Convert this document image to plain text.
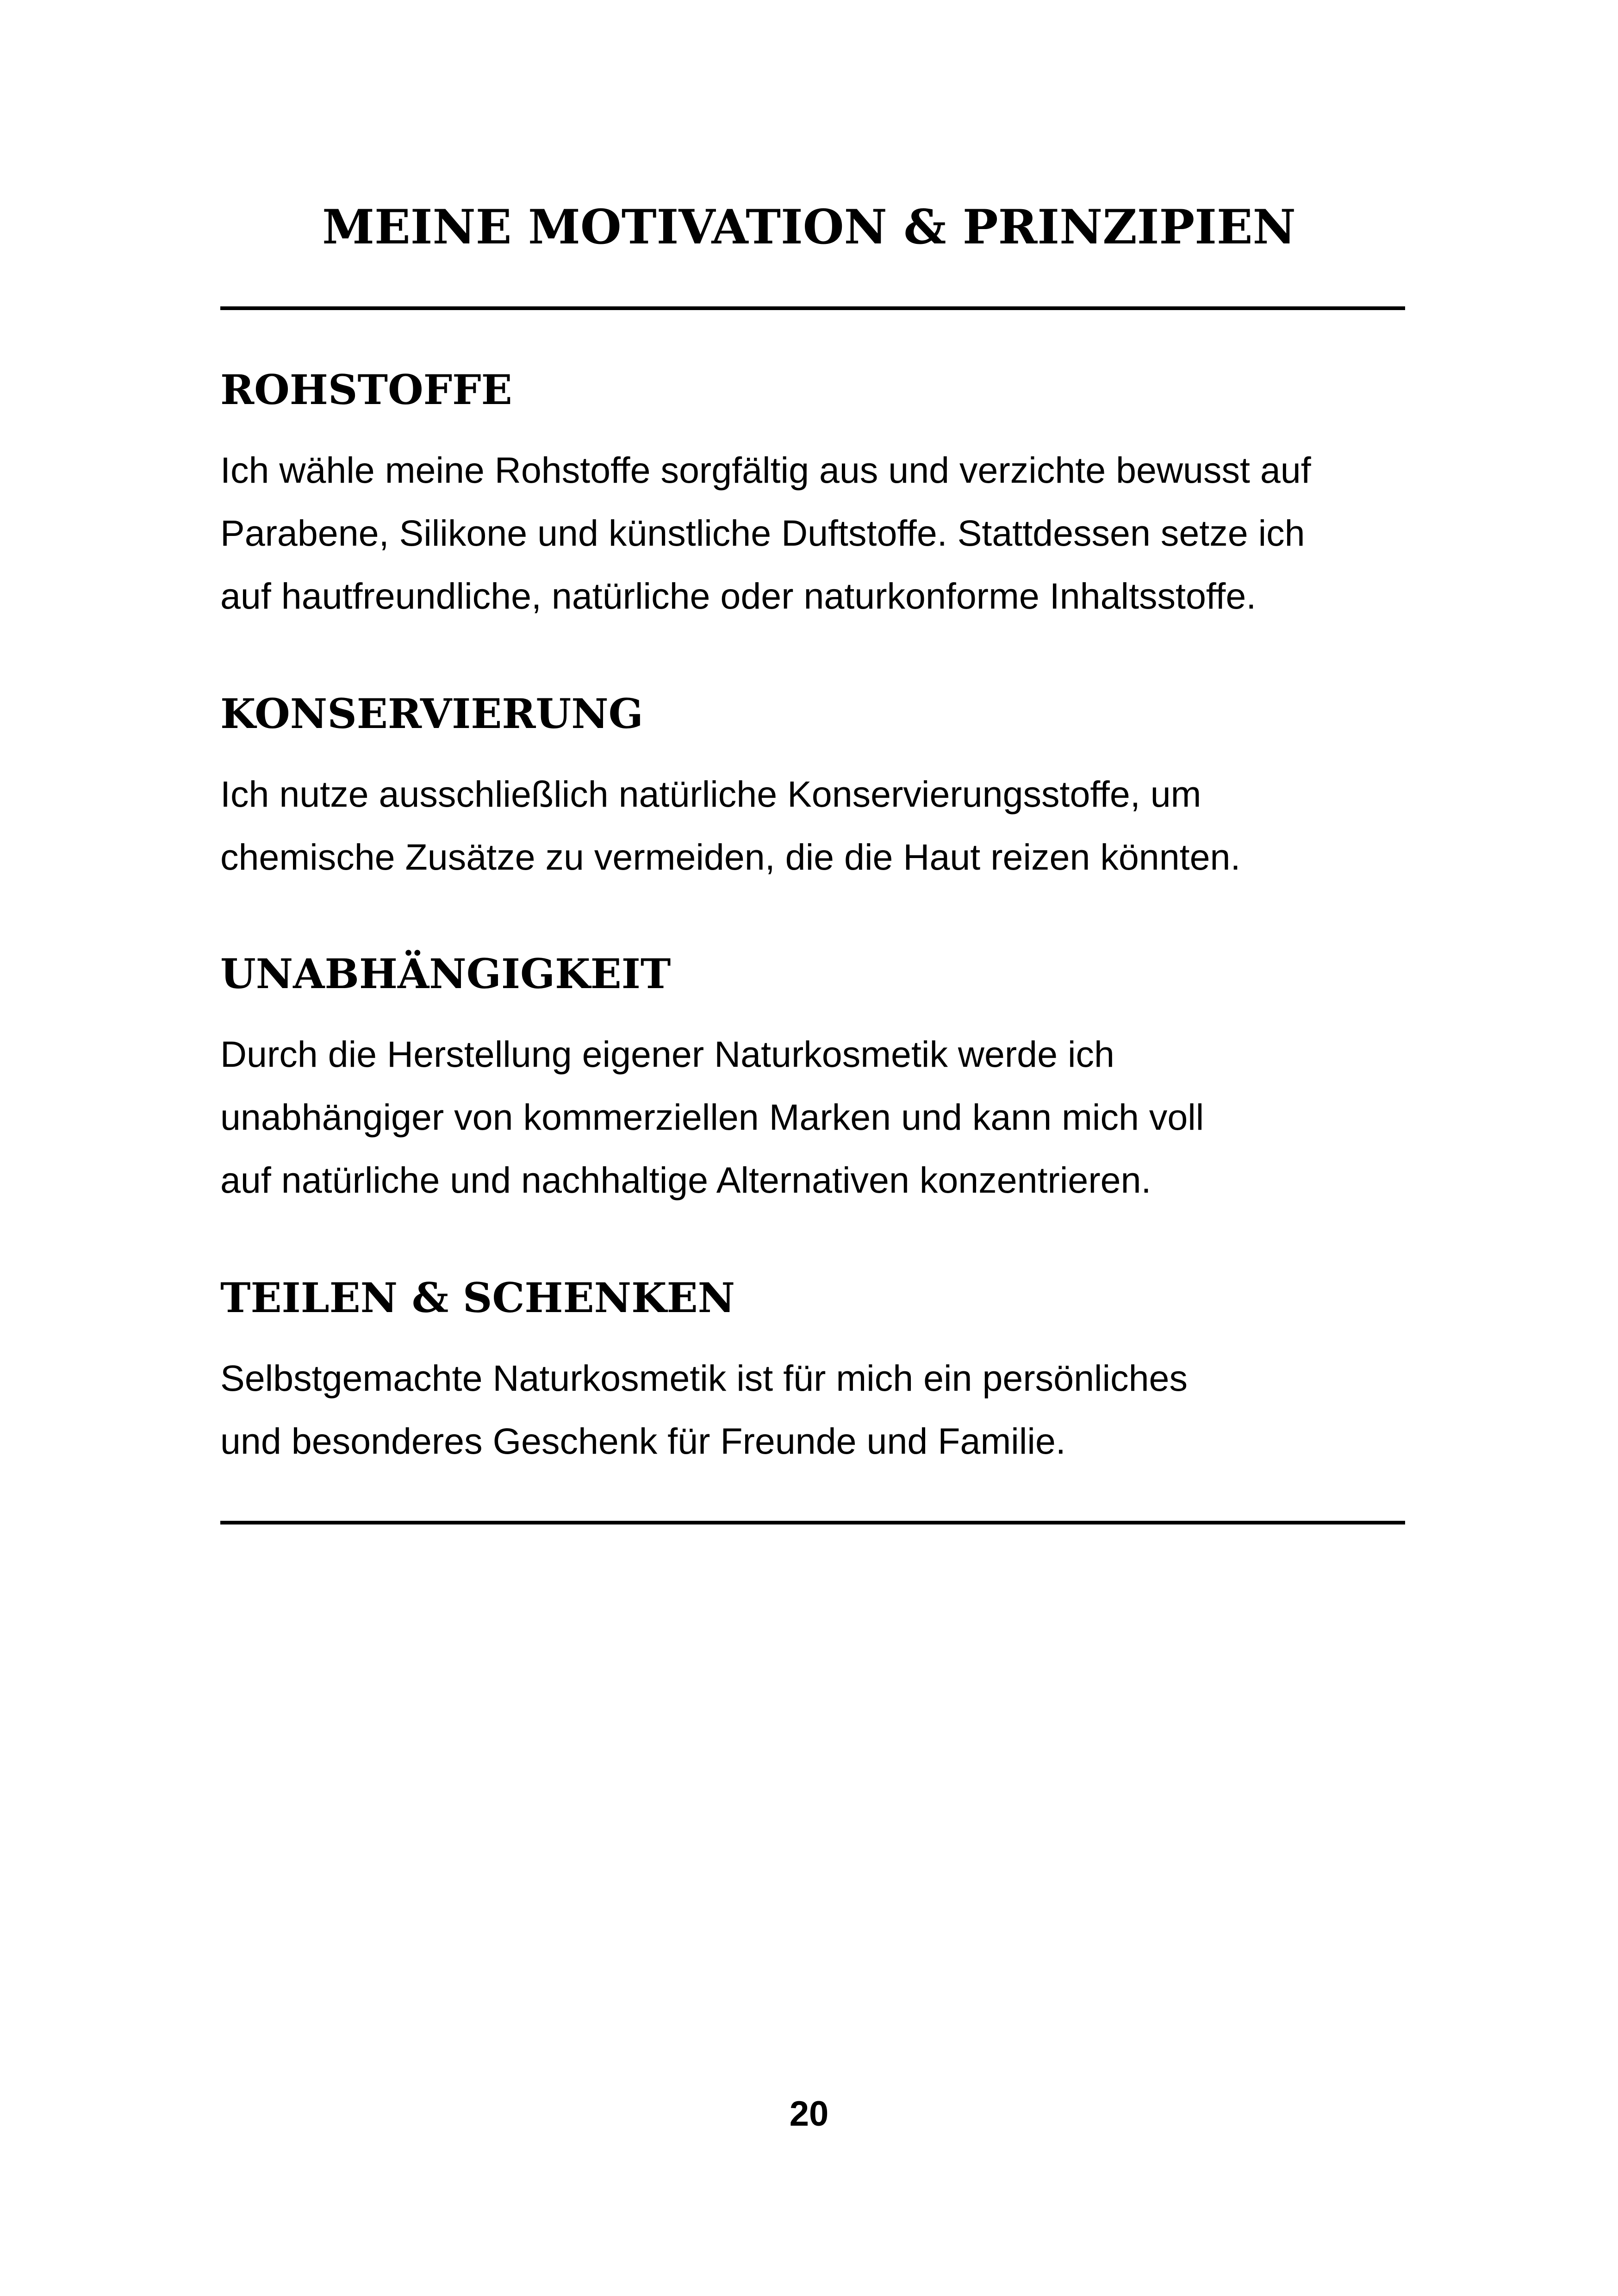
MEINE MOTIVATION & PRINZIPIEN
ROHSTOFFE

Ich wähle meine Rohstoffe sorgfältig aus und verzichte bewusst auf
Parabene, Silikone und künstliche Duftstoffe. Stattdessen setze ich
auf hautfreundliche, natürliche oder naturkonforme Inhaltsstoffe.

KONSERVIERUNG

Ich nutze ausschließlich natürliche Konservierungsstoffe, um
chemische Zusätze zu vermeiden, die die Haut reizen könnten.

UNABHÄNGIGKEIT

Durch die Herstellung eigener Naturkosmetik werde ich
unabhängiger von kommerziellen Marken und kann mich voll
auf natürliche und nachhaltige Alternativen konzentrieren.

TEILEN & SCHENKEN

Selbstgemachte Naturkosmetik ist für mich ein persönliches
und besonderes Geschenk für Freunde und Familie.

20
